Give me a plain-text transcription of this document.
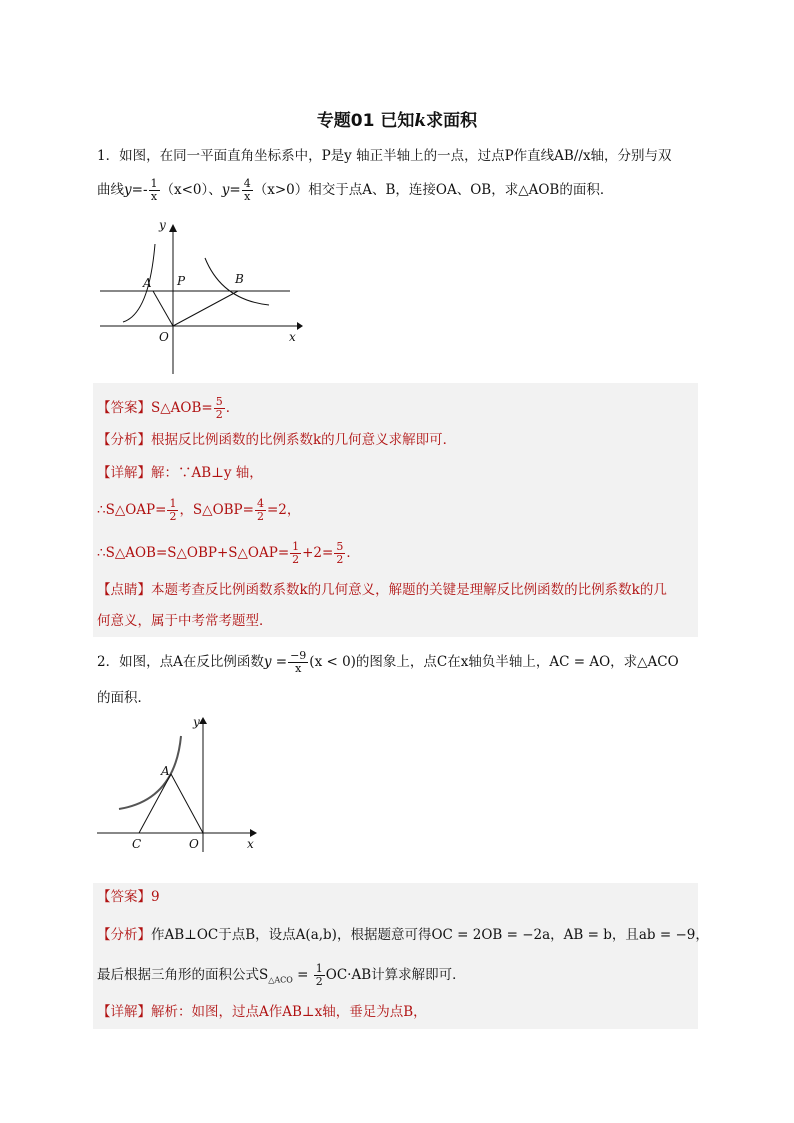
专题01 已知k求面积
1．如图，在同一平面直角坐标系中，P是y 轴正半轴上的一点，过点P作直线AB//x轴，分别与双
曲线$y=- \frac{1}{x} (x<0)$、$y= \frac{4}{x} (x>0)$相交于点A、B，连接OA、OB，求△AOB的面积．
y
A P	B
O	x
【答案】S△AOB= $\frac{5}{2}$ ．
【分析】根据反比例函数的比例系数k的几何意义求解即可．
【详解】解：∵AB⊥y 轴，
∴S△OAP= $\frac{1}{2}$ ，S△OBP= $\frac{4}{2} =2$，
∴S△AOB=S△OBP+S△OAP= $\frac{1}{2} +2= \frac{5}{2}$ ．
【点睛】本题考查反比例函数系数k的几何意义，解题的关键是理解反比例函数的比例系数k的几
何意义，属于中考常考题型．
2．如图，点A在反比例函数$y = \frac{-9}{x} (x < 0)$的图象上，点C在x轴负半轴上，AC = AO，求△ACO
的面积．
y
A
C	O	x
【答案】9
【分析】作AB⊥OC于点B，设点A(a,b)，根据题意可得OC = 2OB = −2a，AB = b，且ab = −9，
最后根据三角形的面积公式$S_{\triangle ACO} = \frac{1}{2} OC\cdot AB$计算求解即可．
【详解】解析：如图，过点A作AB⊥x轴，垂足为点B，
